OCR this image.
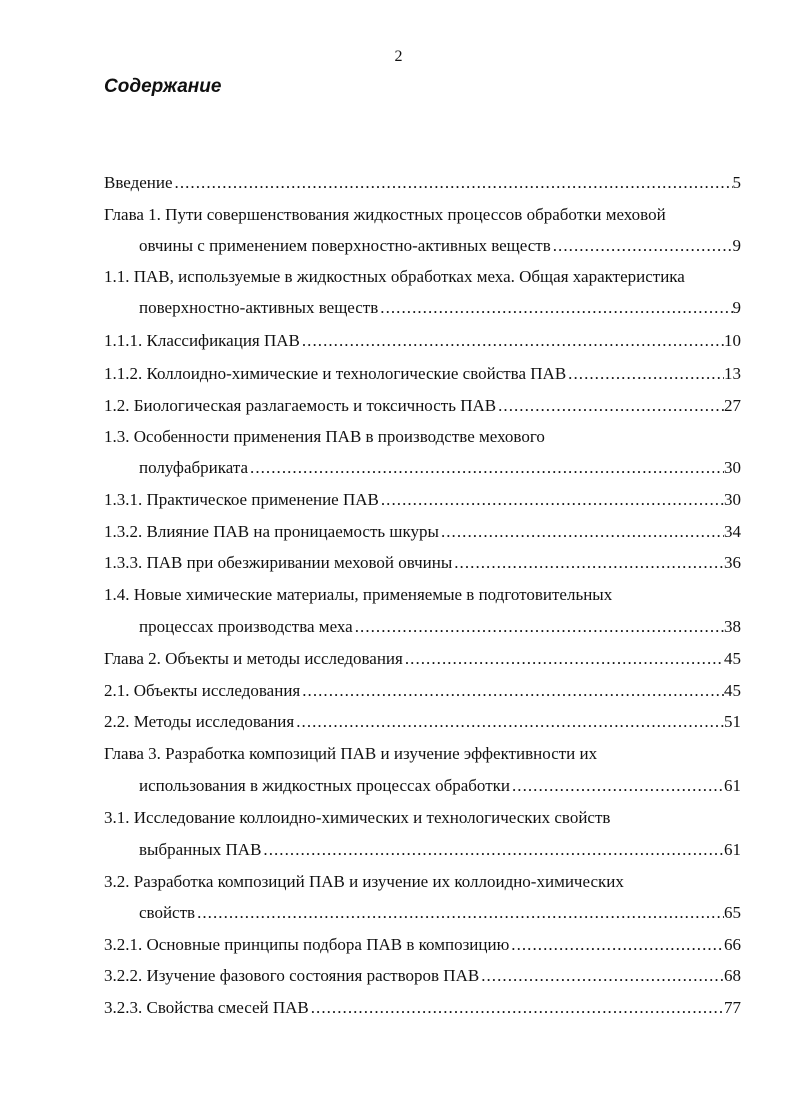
2
Содержание
Введение . . .	5
Глава 1. Пути совершенствования жидкостных процессов обработки меховой
овчины с применением поверхностно-активных веществ . . .	9
1.1. ПАВ, используемые в жидкостных обработках меха. Общая характеристика
поверхностно-активных веществ . . .	9
1.1.1. Классификация ПАВ . . .	10
1.1.2. Коллоидно-химические и технологические свойства ПАВ . . .	13
1.2. Биологическая разлагаемость и токсичность ПАВ . . .	27
1.3. Особенности применения ПАВ в производстве мехового
полуфабриката . . .	30
1.3.1. Практическое применение ПАВ . . .	30
1.3.2. Влияние ПАВ на проницаемость шкуры . . .	34
1.3.3. ПАВ при обезжиривании меховой овчины . . .	36
1.4. Новые химические материалы, применяемые в подготовительных
процессах производства меха . . .	38
Глава 2. Объекты и методы исследования . . .	45
2.1. Объекты исследования . . .	45
2.2. Методы исследования . . .	51
Глава 3. Разработка композиций ПАВ и изучение эффективности их
использования в жидкостных процессах обработки . . .	61
3.1. Исследование коллоидно-химических и технологических свойств
выбранных ПАВ . . .	61
3.2. Разработка композиций ПАВ и изучение их коллоидно-химических
свойств . . .	65
3.2.1. Основные принципы подбора ПАВ в композицию . . .	66
3.2.2. Изучение фазового состояния растворов ПАВ . . .	68
3.2.3. Свойства смесей ПАВ . . .	77
